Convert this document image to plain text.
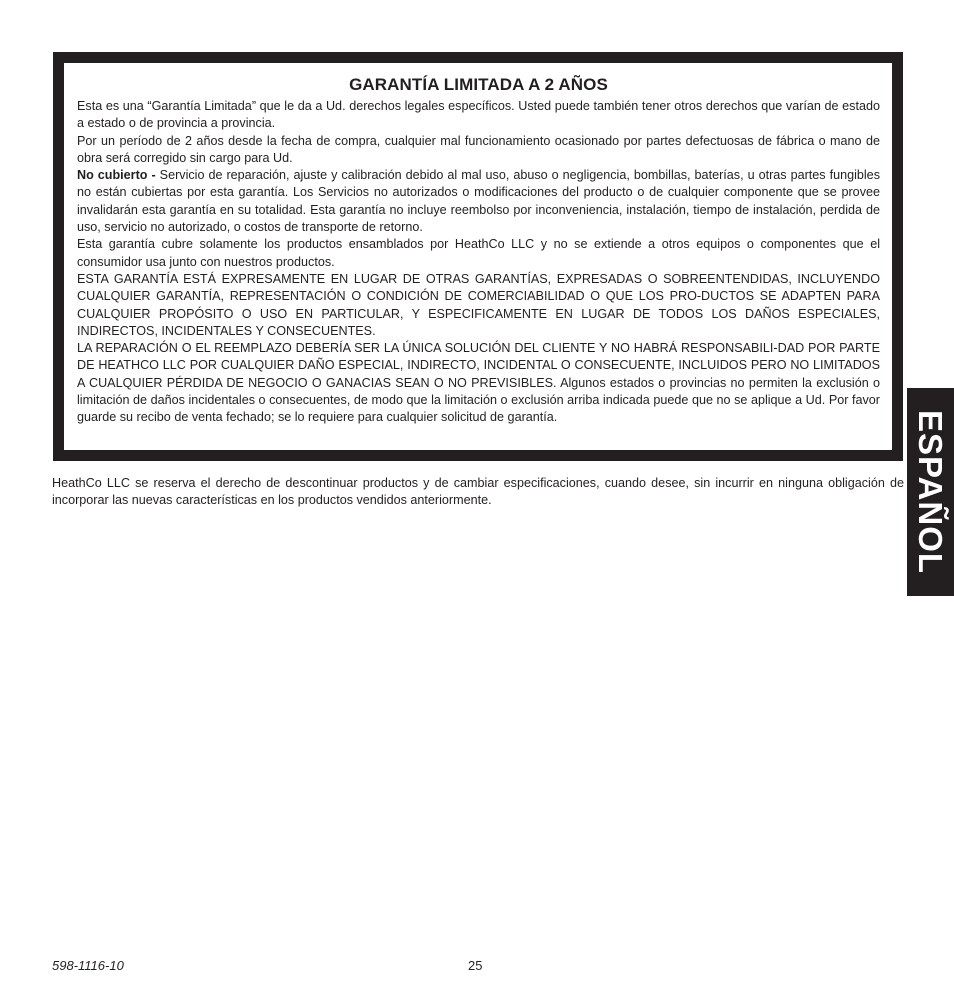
GARANTÍA LIMITADA A 2 AÑOS

Esta es una “Garantía Limitada” que le da a Ud. derechos legales específicos. Usted puede también tener otros derechos que varían de estado a estado o de provincia a provincia.

Por un período de 2 años desde la fecha de compra, cualquier mal funcionamiento ocasionado por partes defectuosas de fábrica o mano de obra será corregido sin cargo para Ud.

No cubierto - Servicio de reparación, ajuste y calibración debido al mal uso, abuso o negligencia, bombillas, baterías, u otras partes fungibles no están cubiertas por esta garantía. Los Servicios no autorizados o modificaciones del producto o de cualquier componente que se provee invalidarán esta garantía en su totalidad. Esta garantía no incluye reembolso por inconveniencia, instalación, tiempo de instalación, perdida de uso, servicio no autorizado, o costos de transporte de retorno.

Esta garantía cubre solamente los productos ensamblados por HeathCo LLC y no se extiende a otros equipos o componentes que el consumidor usa junto con nuestros productos.

ESTA GARANTÍA ESTÁ EXPRESAMENTE EN LUGAR DE OTRAS GARANTÍAS, EXPRESADAS O SOBREENTENDIDAS, INCLUYENDO CUALQUIER GARANTÍA, REPRESENTACIÓN O CONDICIÓN DE COMERCIABILIDAD O QUE LOS PRO-DUCTOS SE ADAPTEN PARA CUALQUIER PROPÓSITO O USO EN PARTICULAR, Y ESPECIFICAMENTE EN LUGAR DE TODOS LOS DAÑOS ESPECIALES, INDIRECTOS, INCIDENTALES Y CONSECUENTES.

LA REPARACIÓN O EL REEMPLAZO DEBERÍA SER LA ÚNICA SOLUCIÓN DEL CLIENTE Y NO HABRÁ RESPONSABILI-DAD POR PARTE DE HEATHCO LLC POR CUALQUIER DAÑO ESPECIAL, INDIRECTO, INCIDENTAL O CONSECUENTE, INCLUIDOS PERO NO LIMITADOS A CUALQUIER PÉRDIDA DE NEGOCIO O GANACIAS SEAN O NO PREVISIBLES. Algunos estados o provincias no permiten la exclusión o limitación de daños incidentales o consecuentes, de modo que la limitación o exclusión arriba indicada puede que no se aplique a Ud. Por favor guarde su recibo de venta fechado; se lo requiere para cualquier solicitud de garantía.

HeathCo LLC se reserva el derecho de descontinuar productos y de cambiar especificaciones, cuando desee, sin incurrir en ninguna obligación de incorporar las nuevas características en los productos vendidos anteriormente.	ESPAÑOL
598-1116-10	25
